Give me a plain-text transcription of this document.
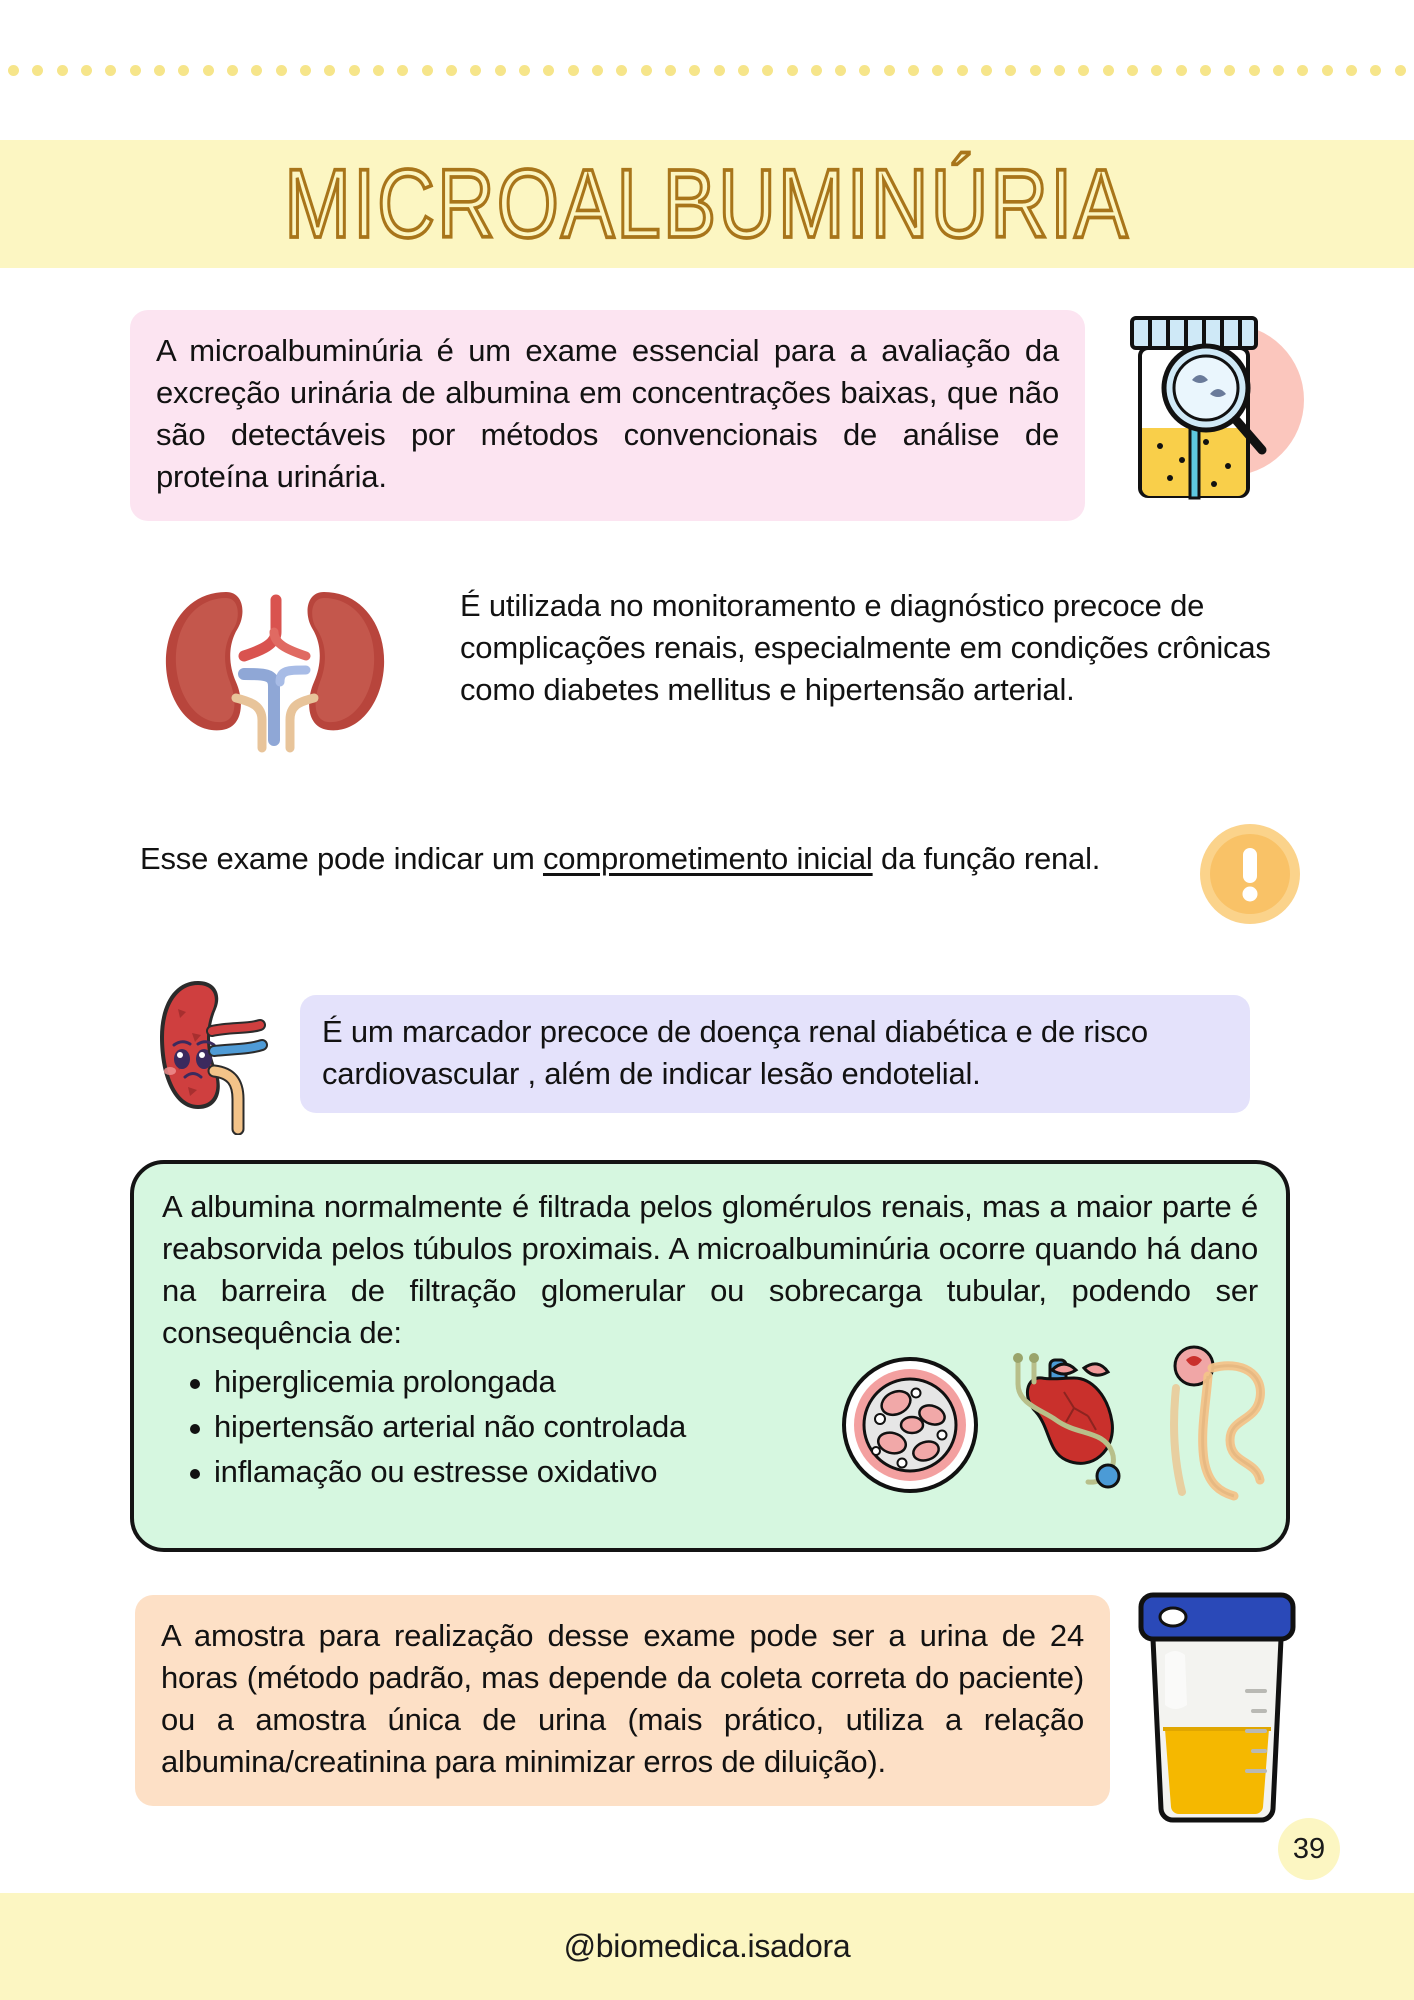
MICROALBUMINÚRIA
A microalbuminúria é um exame essencial para a avaliação da excreção urinária de albumina em concentrações baixas, que não são detectáveis por métodos convencionais de análise de proteína urinária.
É utilizada no monitoramento e diagnóstico precoce de complicações renais, especialmente em condições crônicas como diabetes mellitus e hipertensão arterial.
Esse exame pode indicar um comprometimento inicial da função renal.
É um marcador precoce de doença renal diabética e de risco cardiovascular , além de indicar lesão endotelial.
A albumina normalmente é filtrada pelos glomérulos renais, mas a maior parte é reabsorvida pelos túbulos proximais. A microalbuminúria ocorre quando há dano na barreira de filtração glomerular ou sobrecarga tubular, podendo ser consequência de:
hiperglicemia prolongada
hipertensão arterial não controlada
inflamação ou estresse oxidativo
A amostra para realização desse exame pode ser a urina de 24 horas (método padrão, mas depende da coleta correta do paciente) ou a amostra única de urina (mais prático, utiliza a relação albumina/creatinina para minimizar erros de diluição).
39
@biomedica.isadora
